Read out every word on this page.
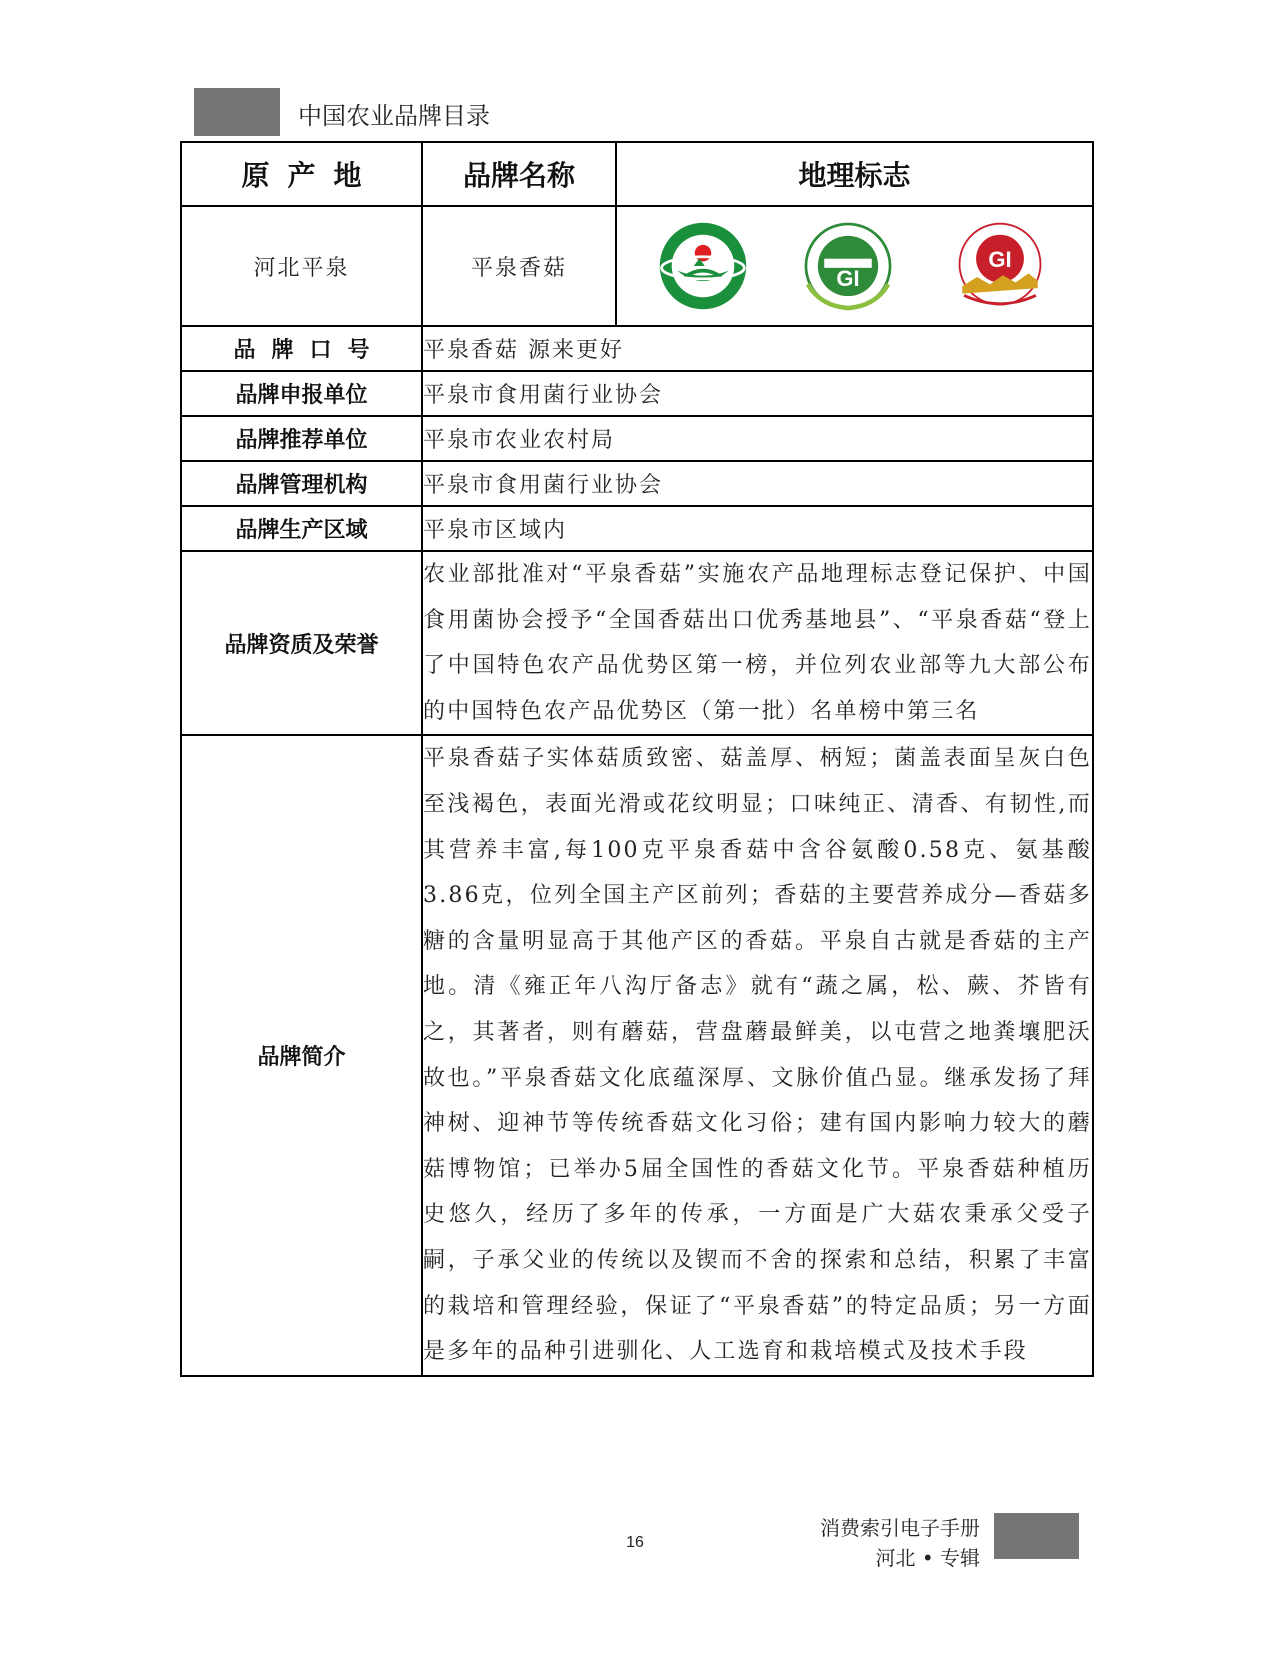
中国农业品牌目录
原产地	品牌名称	地理标志
河北平泉	平泉香菇	GI
GI

品牌口号	平泉香菇 源来更好	
品牌申报单位	平泉市食用菌行业协会	
品牌推荐单位	平泉市农业农村局	
品牌管理机构	平泉市食用菌行业协会	
品牌生产区域	平泉市区域内	
品牌资质及荣誉	农业部批准对“平泉香菇”实施农产品地理标志登记保护、中国食用菌协会授予“全国香菇出口优秀基地县”、“平泉香菇“登上了中国特色农产品优势区第一榜，并位列农业部等九大部公布的中国特色农产品优势区（第一批）名单榜中第三名	
品牌简介	平泉香菇子实体菇质致密、菇盖厚、柄短；菌盖表面呈灰白色至浅褐色，表面光滑或花纹明显；口味纯正、清香、有韧性,而其营养丰富,每100克平泉香菇中含谷氨酸0.58克、氨基酸3.86克，位列全国主产区前列；香菇的主要营养成分—香菇多糖的含量明显高于其他产区的香菇。平泉自古就是香菇的主产地。清《雍正年八沟厅备志》就有“蔬之属，松、蕨、芥皆有之，其著者，则有蘑菇，营盘蘑最鲜美，以屯营之地粪壤肥沃故也。”平泉香菇文化底蕴深厚、文脉价值凸显。继承发扬了拜神树、迎神节等传统香菇文化习俗；建有国内影响力较大的蘑菇博物馆；已举办5届全国性的香菇文化节。平泉香菇种植历史悠久，经历了多年的传承，一方面是广大菇农秉承父受子嗣，子承父业的传统以及锲而不舍的探索和总结，积累了丰富的栽培和管理经验，保证了“平泉香菇”的特定品质；另一方面是多年的品种引进驯化、人工选育和栽培模式及技术手段	
16
消费索引电子手册
河北 • 专辑
